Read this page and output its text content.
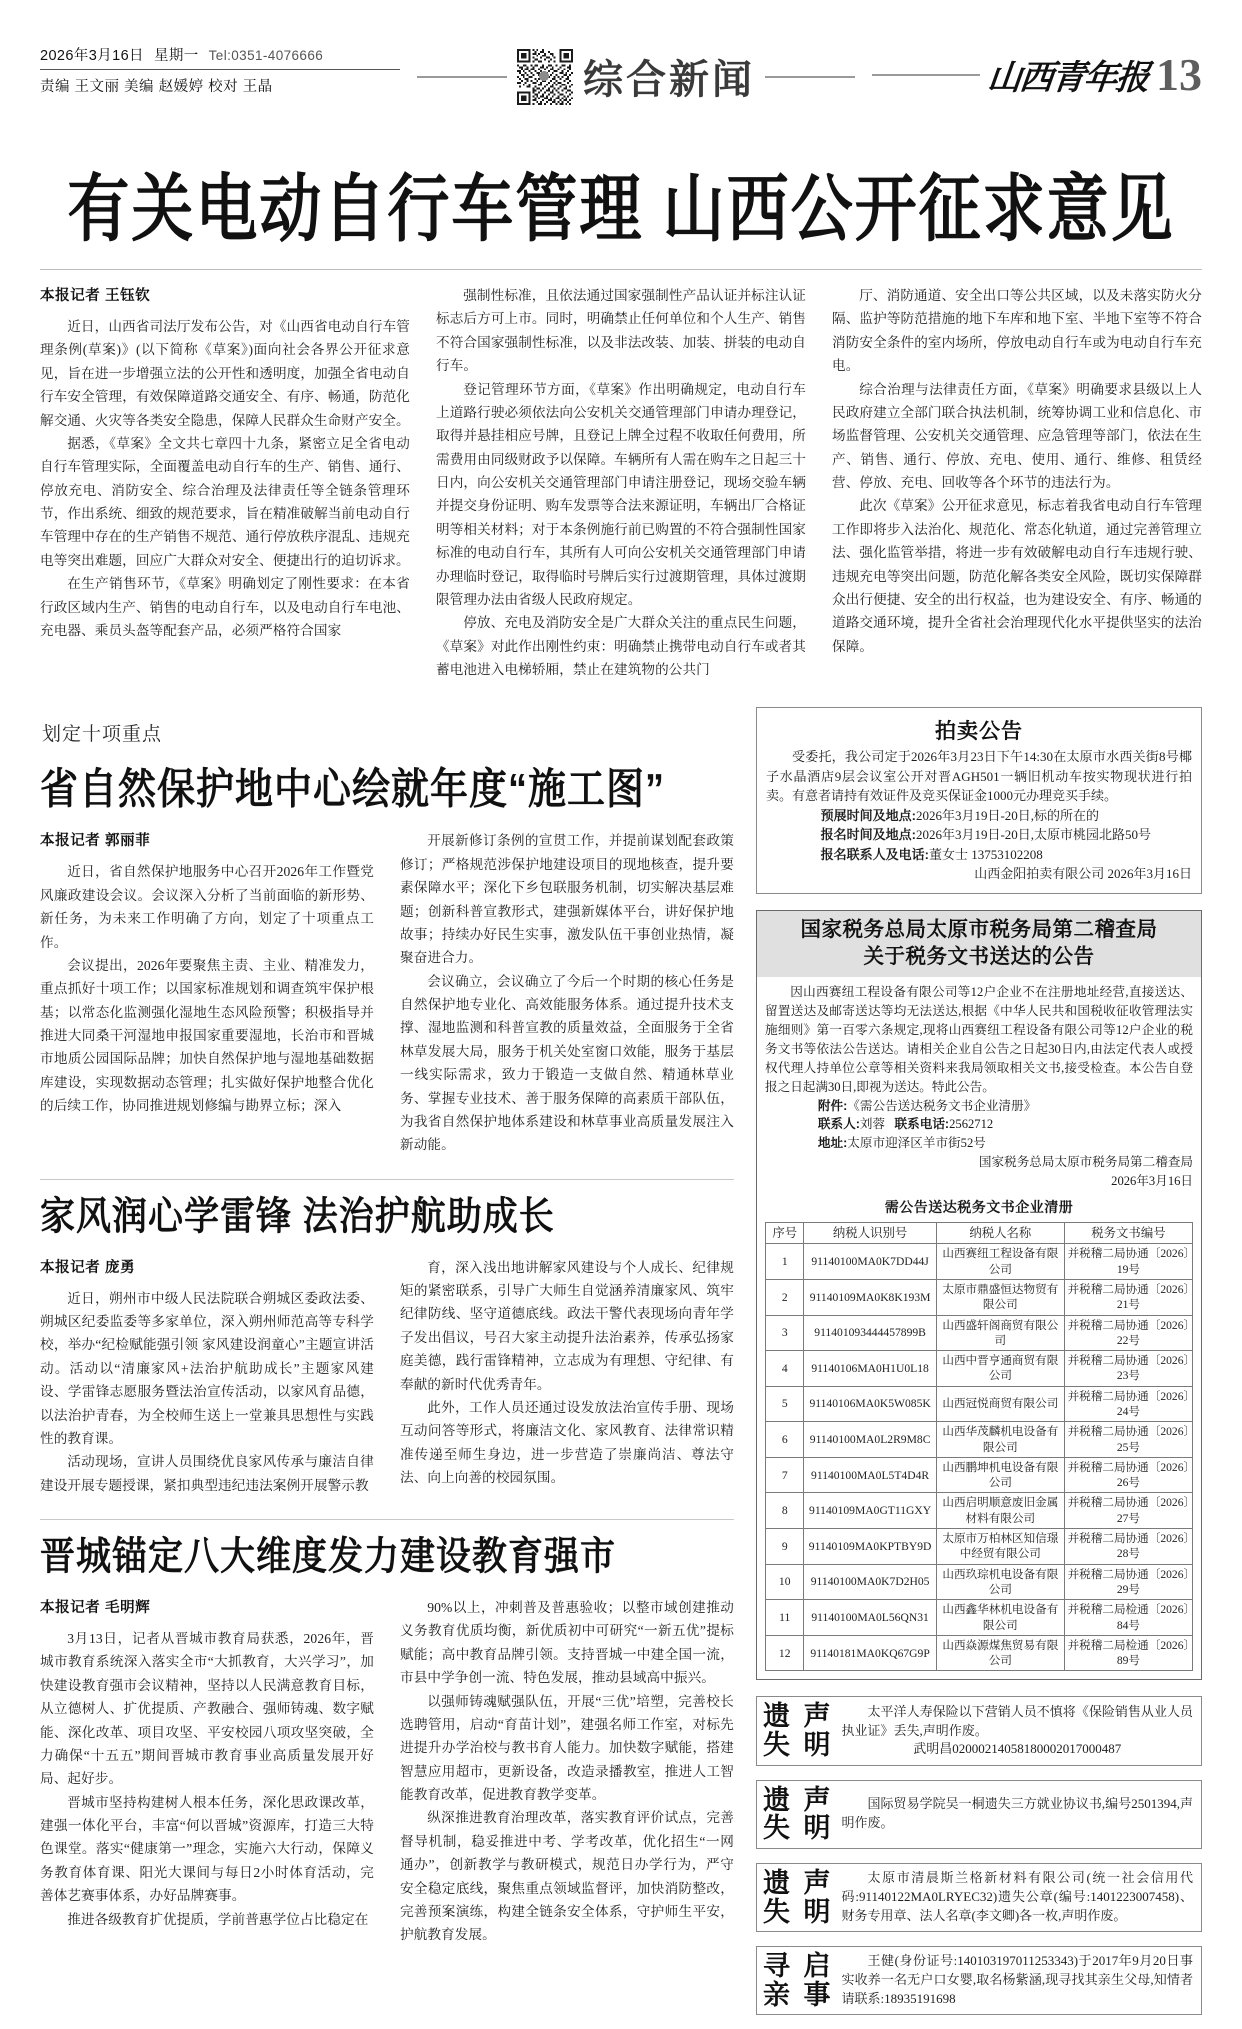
2026年3月16日 星期一 Tel:0351-4076666
责编 王文丽 美编 赵媛婷 校对 王晶	综合新闻	山西青年报 13
有关电动自行车管理 山西公开征求意见
本报记者 王钰钦

近日，山西省司法厅发布公告，对《山西省电动自行车管理条例(草案)》(以下简称《草案》)面向社会各界公开征求意见，旨在进一步增强立法的公开性和透明度，加强全省电动自行车安全管理，有效保障道路交通安全、有序、畅通，防范化解交通、火灾等各类安全隐患，保障人民群众生命财产安全。

据悉，《草案》全文共七章四十九条，紧密立足全省电动自行车管理实际，全面覆盖电动自行车的生产、销售、通行、停放充电、消防安全、综合治理及法律责任等全链条管理环节，作出系统、细致的规范要求，旨在精准破解当前电动自行车管理中存在的生产销售不规范、通行停放秩序混乱、违规充电等突出难题，回应广大群众对安全、便捷出行的迫切诉求。

在生产销售环节，《草案》明确划定了刚性要求：在本省行政区域内生产、销售的电动自行车，以及电动自行车电池、充电器、乘员头盔等配套产品，必须严格符合国家

强制性标准，且依法通过国家强制性产品认证并标注认证标志后方可上市。同时，明确禁止任何单位和个人生产、销售不符合国家强制性标准，以及非法改装、加装、拼装的电动自行车。

登记管理环节方面，《草案》作出明确规定，电动自行车上道路行驶必须依法向公安机关交通管理部门申请办理登记，取得并悬挂相应号牌，且登记上牌全过程不收取任何费用，所需费用由同级财政予以保障。车辆所有人需在购车之日起三十日内，向公安机关交通管理部门申请注册登记，现场交验车辆并提交身份证明、购车发票等合法来源证明，车辆出厂合格证明等相关材料；对于本条例施行前已购置的不符合强制性国家标准的电动自行车，其所有人可向公安机关交通管理部门申请办理临时登记，取得临时号牌后实行过渡期管理，具体过渡期限管理办法由省级人民政府规定。

停放、充电及消防安全是广大群众关注的重点民生问题，《草案》对此作出刚性约束：明确禁止携带电动自行车或者其蓄电池进入电梯轿厢，禁止在建筑物的公共门

厅、消防通道、安全出口等公共区域，以及未落实防火分隔、监护等防范措施的地下车库和地下室、半地下室等不符合消防安全条件的室内场所，停放电动自行车或为电动自行车充电。

综合治理与法律责任方面，《草案》明确要求县级以上人民政府建立全部门联合执法机制，统筹协调工业和信息化、市场监督管理、公安机关交通管理、应急管理等部门，依法在生产、销售、通行、停放、充电、使用、通行、维修、租赁经营、停放、充电、回收等各个环节的违法行为。

此次《草案》公开征求意见，标志着我省电动自行车管理工作即将步入法治化、规范化、常态化轨道，通过完善管理立法、强化监管举措，将进一步有效破解电动自行车违规行驶、违规充电等突出问题，防范化解各类安全风险，既切实保障群众出行便捷、安全的出行权益，也为建设安全、有序、畅通的道路交通环境，提升全省社会治理现代化水平提供坚实的法治保障。

划定十项重点
省自然保护地中心绘就年度“施工图”
本报记者 郭丽菲

近日，省自然保护地服务中心召开2026年工作暨党风廉政建设会议。会议深入分析了当前面临的新形势、新任务，为未来工作明确了方向，划定了十项重点工作。

会议提出，2026年要聚焦主责、主业、精准发力，重点抓好十项工作；以国家标准规划和调查筑牢保护根基；以常态化监测强化湿地生态风险预警；积极指导并推进大同桑干河湿地申报国家重要湿地，长治市和晋城市地质公园国际品牌；加快自然保护地与湿地基础数据库建设，实现数据动态管理；扎实做好保护地整合优化的后续工作，协同推进规划修编与勘界立标；深入

开展新修订条例的宣贯工作，并提前谋划配套政策修订；严格规范涉保护地建设项目的现地核查，提升要素保障水平；深化下乡包联服务机制，切实解决基层难题；创新科普宣教形式，建强新媒体平台，讲好保护地故事；持续办好民生实事，激发队伍干事创业热情，凝聚奋进合力。

会议确立，会议确立了今后一个时期的核心任务是自然保护地专业化、高效能服务体系。通过提升技术支撑、湿地监测和科普宣教的质量效益，全面服务于全省林草发展大局，服务于机关处室窗口效能，服务于基层一线实际需求，致力于锻造一支做自然、精通林草业务、掌握专业技术、善于服务保障的高素质干部队伍，为我省自然保护地体系建设和林草事业高质量发展注入新动能。

家风润心学雷锋 法治护航助成长
本报记者 庞勇

近日，朔州市中级人民法院联合朔城区委政法委、朔城区纪委监委等多家单位，深入朔州师范高等专科学校，举办“纪检赋能强引领 家风建设润童心”主题宣讲活动。活动以“清廉家风+法治护航助成长”主题家风建设、学雷锋志愿服务暨法治宣传活动，以家风育品德，以法治护青春，为全校师生送上一堂兼具思想性与实践性的教育课。

活动现场，宣讲人员围绕优良家风传承与廉洁自律建设开展专题授课，紧扣典型违纪违法案例开展警示教

育，深入浅出地讲解家风建设与个人成长、纪律规矩的紧密联系，引导广大师生自觉涵养清廉家风、筑牢纪律防线、坚守道德底线。政法干警代表现场向青年学子发出倡议，号召大家主动提升法治素养，传承弘扬家庭美德，践行雷锋精神，立志成为有理想、守纪律、有奉献的新时代优秀青年。

此外，工作人员还通过设发放法治宣传手册、现场互动问答等形式，将廉洁文化、家风教育、法律常识精准传递至师生身边，进一步营造了崇廉尚洁、尊法守法、向上向善的校园氛围。

晋城锚定八大维度发力建设教育强市
本报记者 毛明辉

3月13日，记者从晋城市教育局获悉，2026年，晋城市教育系统深入落实全市“大抓教育，大兴学习”，加快建设教育强市会议精神，坚持以人民满意教育目标，从立德树人、扩优提质、产教融合、强师铸魂、数字赋能、深化改革、项目攻坚、平安校园八项攻坚突破，全力确保“十五五”期间晋城市教育事业高质量发展开好局、起好步。

晋城市坚持构建树人根本任务，深化思政课改革，建强一体化平台，丰富“何以晋城”资源库，打造三大特色课堂。落实“健康第一”理念，实施六大行动，保障义务教育体育课、阳光大课间与每日2小时体育活动，完善体艺赛事体系，办好品牌赛事。

推进各级教育扩优提质，学前普惠学位占比稳定在

90%以上，冲刺普及普惠验收；以整市域创建推动义务教育优质均衡，新优质初中可研究“一新五优”提标赋能；高中教育品牌引领。支持晋城一中建全国一流，市县中学争创一流、特色发展，推动县域高中振兴。

以强师铸魂赋强队伍，开展“三优”培塑，完善校长选聘管用，启动“育苗计划”，建强名师工作室，对标先进提升办学治校与教书育人能力。加快数字赋能，搭建智慧应用超市，更新设备，改造录播教室，推进人工智能教育改革，促进教育教学变革。

纵深推进教育治理改革，落实教育评价试点，完善督导机制，稳妥推进中考、学考改革，优化招生“一网通办”，创新教学与教研模式，规范日办学行为，严守安全稳定底线，聚焦重点领域监督评，加快消防整改，完善预案演练，构建全链条安全体系，守护师生平安，护航教育发展。

拍卖公告

受委托，我公司定于2026年3月23日下午14:30在太原市水西关街8号椰子水晶酒店9层会议室公开对晋AGH501一辆旧机动车按实物现状进行拍卖。有意者请持有效证件及竞买保证金1000元办理竞买手续。

预展时间及地点:2026年3月19日-20日,标的所在的

报名时间及地点:2026年3月19日-20日,太原市桃园北路50号

报名联系人及电话:董女士 13753102208

山西金阳拍卖有限公司 2026年3月16日

国家税务总局太原市税务局第二稽查局
关于税务文书送达的公告

因山西赛纽工程设备有限公司等12户企业不在注册地址经营,直接送达、留置送达及邮寄送达等均无法送达,根据《中华人民共和国税收征收管理法实施细则》第一百零六条规定,现将山西赛纽工程设备有限公司等12户企业的税务文书等依法公告送达。请相关企业自公告之日起30日内,由法定代表人或授权代理人持单位公章等相关资料来我局领取相关文书,接受检查。本公告自登报之日起满30日,即视为送达。特此公告。

附件:《需公告送达税务文书企业清册》

联系人:刘蓉 联系电话:2562712

地址:太原市迎泽区羊市街52号

国家税务总局太原市税务局第二稽查局

2026年3月16日

需公告送达税务文书企业清册
序号	纳税人识别号	纳税人名称	税务文书编号
1	91140100MA0K7DD44J	山西赛纽工程设备有限公司	并税稽二局协通〔2026〕19号
2	91140109MA0K8K193M	太原市鼎盛恒达物贸有限公司	并税稽二局协通〔2026〕21号
3	911401093444457899B	山西盛轩阁商贸有限公司	并税稽二局协通〔2026〕22号
4	91140106MA0H1U0L18	山西中晋亨通商贸有限公司	并税稽二局协通〔2026〕23号
5	91140106MA0K5W085K	山西冠悦商贸有限公司	并税稽二局协通〔2026〕24号
6	91140100MA0L2R9M8C	山西华茂麟机电设备有限公司	并税稽二局协通〔2026〕25号
7	91140100MA0L5T4D4R	山西鹏坤机电设备有限公司	并税稽二局协通〔2026〕26号
8	91140109MA0GT11GXY	山西启明顺意废旧金属材料有限公司	并税稽二局协通〔2026〕27号
9	91140109MA0KPTBY9D	太原市万柏林区知信璟中经贸有限公司	并税稽二局协通〔2026〕28号
10	91140100MA0K7D2H05	山西玖琮机电设备有限公司	并税稽二局协通〔2026〕29号
11	91140100MA0L56QN31	山西鑫华林机电设备有限公司	并税稽二局检通〔2026〕84号
12	91140181MA0KQ67G9P	山西焱源煤焦贸易有限公司	并税稽二局检通〔2026〕89号
遗 声
失 明

太平洋人寿保险以下营销人员不慎将《保险销售从业人员执业证》丢失,声明作废。

武明昌020002140581800020170​00487

遗 声
失 明

国际贸易学院吴一桐遗失三方就业协议书,编号2501394,声明作废。

遗 声
失 明

太原市清晨斯兰格新材料有限公司(统一社会信用代码:91140122MA0LRYEC32)遗失公章(编号:1401223007458)、财务专用章、法人名章(李文卿)各一枚,声明作废。

寻 启
亲 事

王健(身份证号:14010319701125334​3)于2017年9月20日事实收养一名无户口女婴,取名杨紫涵,现寻找其亲生父母,知情者请联系:18935191698
